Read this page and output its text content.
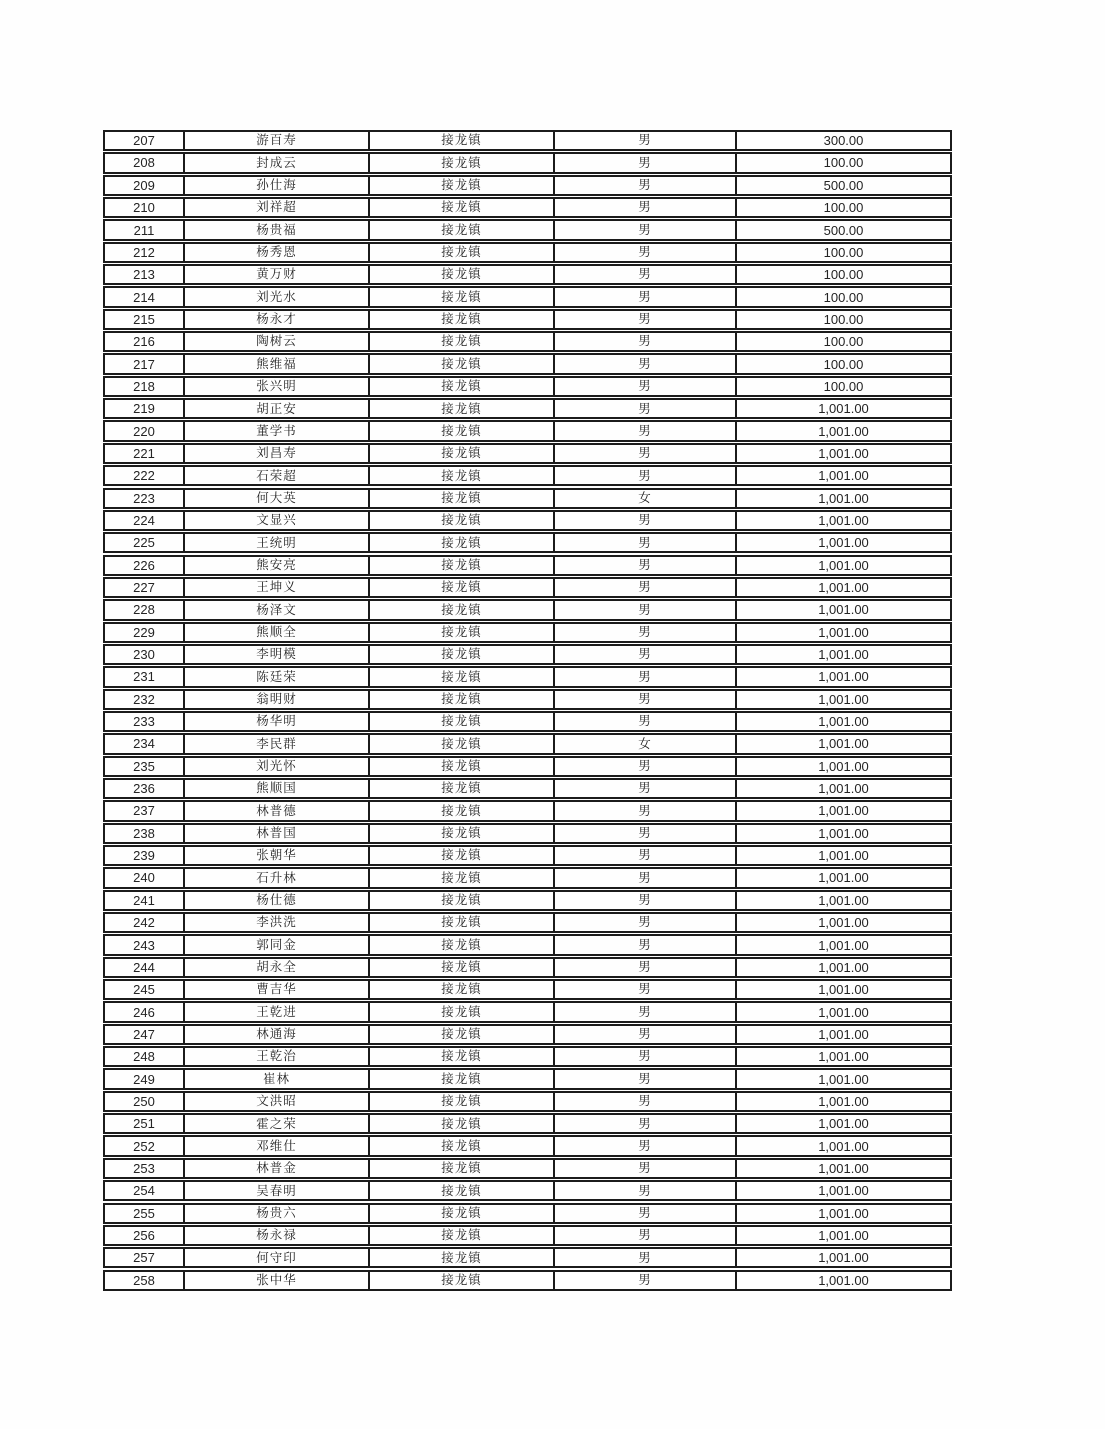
207	游百寿	接龙镇	男	300.00
208	封成云	接龙镇	男	100.00
209	孙仕海	接龙镇	男	500.00
210	刘祥超	接龙镇	男	100.00
211	杨贵福	接龙镇	男	500.00
212	杨秀恩	接龙镇	男	100.00
213	黄万财	接龙镇	男	100.00
214	刘光水	接龙镇	男	100.00
215	杨永才	接龙镇	男	100.00
216	陶树云	接龙镇	男	100.00
217	熊维福	接龙镇	男	100.00
218	张兴明	接龙镇	男	100.00
219	胡正安	接龙镇	男	1,001.00
220	董学书	接龙镇	男	1,001.00
221	刘昌寿	接龙镇	男	1,001.00
222	石荣超	接龙镇	男	1,001.00
223	何大英	接龙镇	女	1,001.00
224	文显兴	接龙镇	男	1,001.00
225	王统明	接龙镇	男	1,001.00
226	熊安亮	接龙镇	男	1,001.00
227	王坤义	接龙镇	男	1,001.00
228	杨泽文	接龙镇	男	1,001.00
229	熊顺全	接龙镇	男	1,001.00
230	李明模	接龙镇	男	1,001.00
231	陈廷荣	接龙镇	男	1,001.00
232	翁明财	接龙镇	男	1,001.00
233	杨华明	接龙镇	男	1,001.00
234	李民群	接龙镇	女	1,001.00
235	刘光怀	接龙镇	男	1,001.00
236	熊顺国	接龙镇	男	1,001.00
237	林普德	接龙镇	男	1,001.00
238	林普国	接龙镇	男	1,001.00
239	张朝华	接龙镇	男	1,001.00
240	石升林	接龙镇	男	1,001.00
241	杨仕德	接龙镇	男	1,001.00
242	李洪洗	接龙镇	男	1,001.00
243	郭同金	接龙镇	男	1,001.00
244	胡永全	接龙镇	男	1,001.00
245	曹吉华	接龙镇	男	1,001.00
246	王乾进	接龙镇	男	1,001.00
247	林通海	接龙镇	男	1,001.00
248	王乾治	接龙镇	男	1,001.00
249	崔林	接龙镇	男	1,001.00
250	文洪昭	接龙镇	男	1,001.00
251	霍之荣	接龙镇	男	1,001.00
252	邓维仕	接龙镇	男	1,001.00
253	林普金	接龙镇	男	1,001.00
254	吴春明	接龙镇	男	1,001.00
255	杨贵六	接龙镇	男	1,001.00
256	杨永禄	接龙镇	男	1,001.00
257	何守印	接龙镇	男	1,001.00
258	张中华	接龙镇	男	1,001.00
